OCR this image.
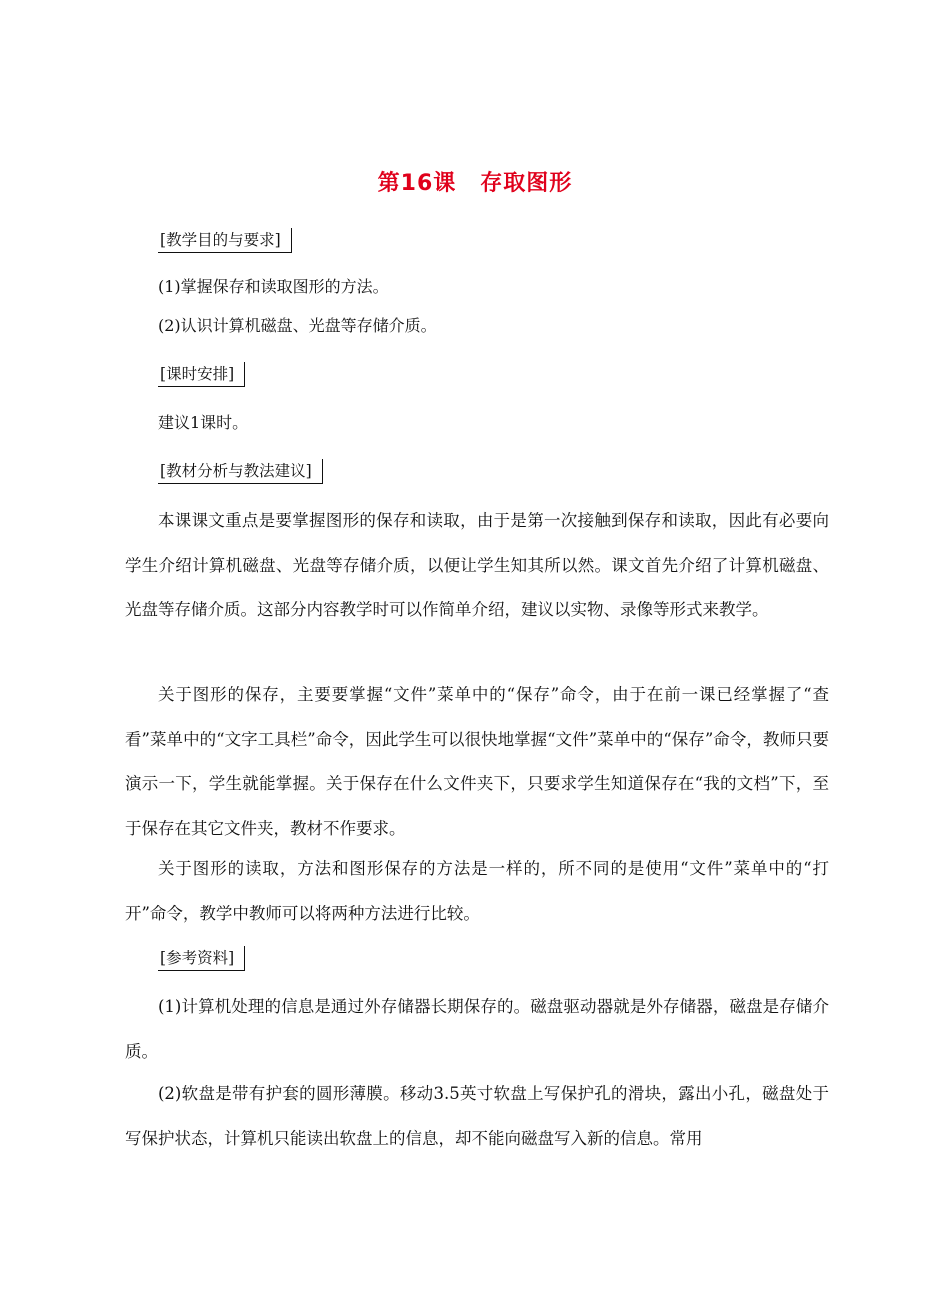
第16课 存取图形
[ 教学目的与要求 ]
(1)掌握保存和读取图形的方法。
(2)认识计算机磁盘、光盘等存储介质。
[ 课时安排 ]
建议1课时。
[ 教材分析与教法建议 ]

本课课文重点是要掌握图形的保存和读取，由于是第一次接触到保存和读取，因此有必要向学生介绍计算机磁盘、光盘等存储介质，以便让学生知其所以然。课文首先介绍了计算机磁盘、光盘等存储介质。这部分内容教学时可以作简单介绍，建议以实物、录像等形式来教学。

关于图形的保存，主要要掌握“文件”菜单中的“保存”命令，由于在前一课已经掌握了“查看”菜单中的“文字工具栏”命令，因此学生可以很快地掌握“文件”菜单中的“保存”命令，教师只要演示一下，学生就能掌握。关于保存在什么文件夹下，只要求学生知道保存在“我的文档”下，至于保存在其它文件夹，教材不作要求。

关于图形的读取，方法和图形保存的方法是一样的，所不同的是使用“文件”菜单中的“打开”命令，教学中教师可以将两种方法进行比较。

[ 参考资料 ]

(1)计算机处理的信息是通过外存储器长期保存的。磁盘驱动器就是外存储器，磁盘是存储介质。

(2)软盘是带有护套的圆形薄膜。移动3.5英寸软盘上写保护孔的滑块，露出小孔，磁盘处于写保护状态，计算机只能读出软盘上的信息，却不能向磁盘写入新的信息。常用
